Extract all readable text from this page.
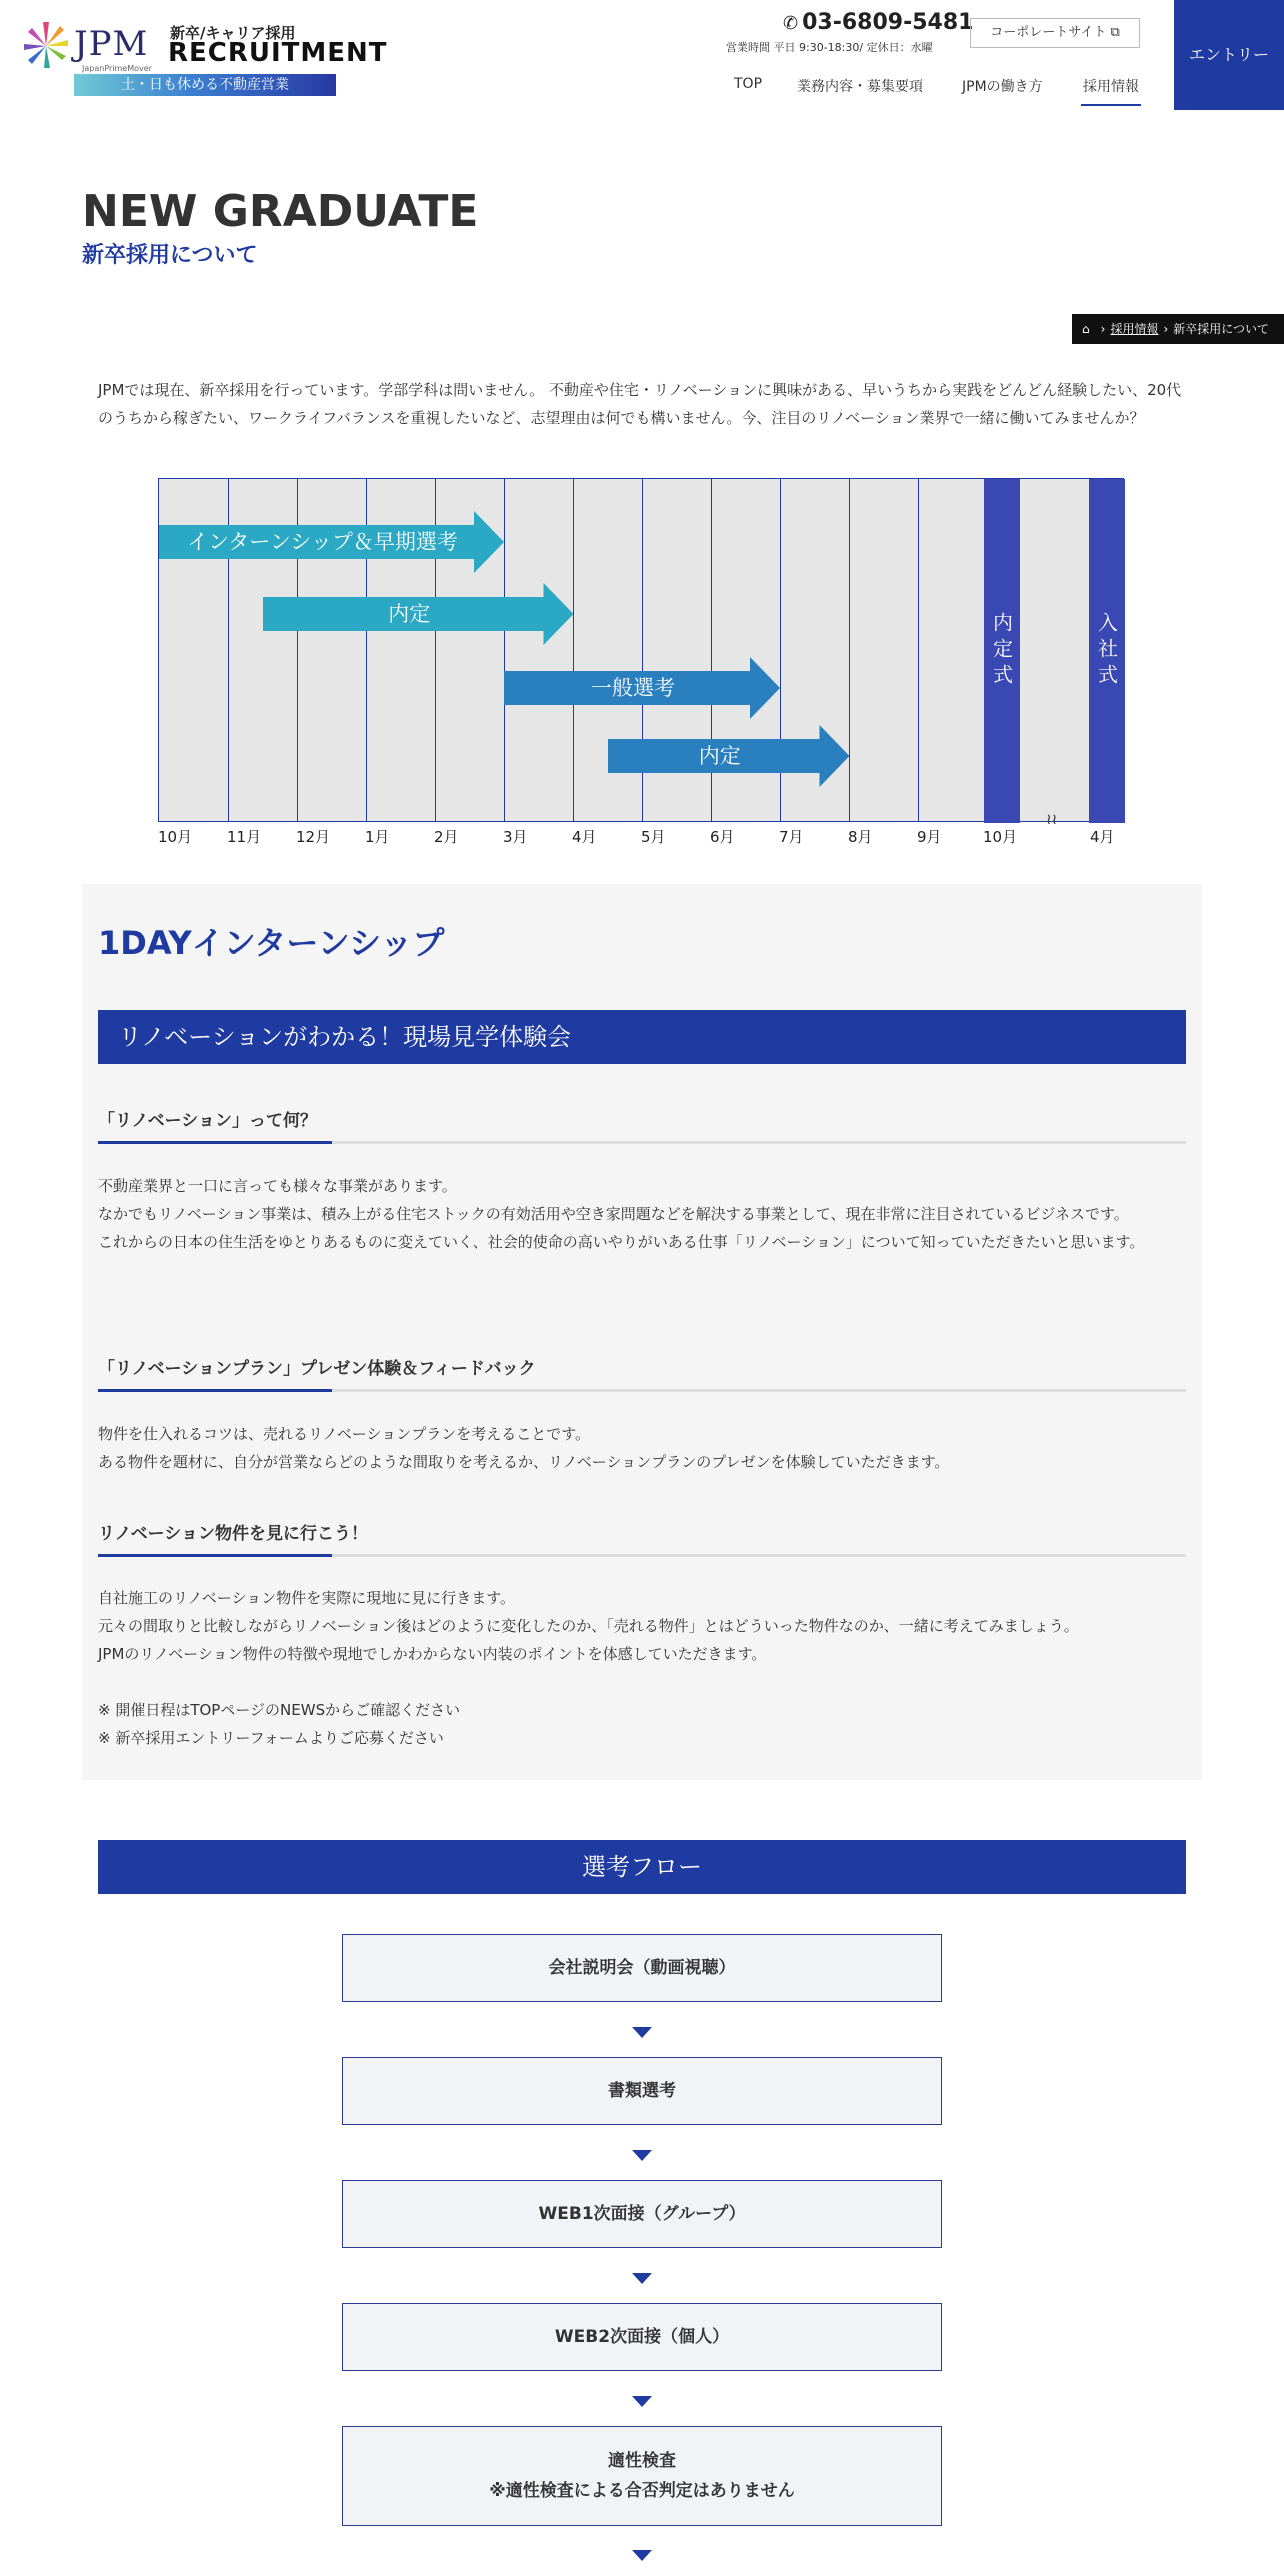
JPM
JapanPrimeMover
新卒/キャリア採用
RECRUITMENT
土・日も休める不動産営業
✆ 03-6809-5481
営業時間 平日 9:30-18:30/ 定休日：水曜
コーポレートサイト ⧉
エントリー
TOP 業務内容・募集要項	JPMの働き方	採用情報
NEW GRADUATE
新卒採用について
⌂ › 採用情報 › 新卒採用について

JPMでは現在、新卒採用を行っています。学部学科は問いません。 不動産や住宅・リノベーションに興味がある、早いうちから実践をどんどん経験したい、20代のうちから稼ぎたい、ワークライフバランスを重視したいなど、志望理由は何でも構いません。今、注目のリノベーション業界で一緒に働いてみませんか？

内定式	入社式
インターンシップ＆早期選考
内定
一般選考
内定
10月 11月 12月 1月	2月	3月	4月	5月	6月	7月	8月	9月	10月	4月
≀≀
1DAYインターンシップ
リノベーションがわかる！現場見学体験会
「リノベーション」って何？
不動産業界と一口に言っても様々な事業があります。
なかでもリノベーション事業は、積み上がる住宅ストックの有効活用や空き家問題などを解決する事業として、現在非常に注目されているビジネスです。
これからの日本の住生活をゆとりあるものに変えていく、社会的使命の高いやりがいある仕事「リノベーション」について知っていただきたいと思います。
「リノベーションプラン」プレゼン体験＆フィードバック
物件を仕入れるコツは、売れるリノベーションプランを考えることです。
ある物件を題材に、自分が営業ならどのような間取りを考えるか、リノベーションプランのプレゼンを体験していただきます。
リノベーション物件を見に行こう！
自社施工のリノベーション物件を実際に現地に見に行きます。
元々の間取りと比較しながらリノベーション後はどのように変化したのか、「売れる物件」とはどういった物件なのか、一緒に考えてみましょう。
JPMのリノベーション物件の特徴や現地でしかわからない内装のポイントを体感していただきます。
※ 開催日程はTOPページのNEWSからご確認ください
※ 新卒採用エントリーフォームよりご応募ください
選考フロー
会社説明会（動画視聴）
書類選考
WEB1次面接（グループ）
WEB2次面接（個人）
適性検査
※適性検査による合否判定はありません
